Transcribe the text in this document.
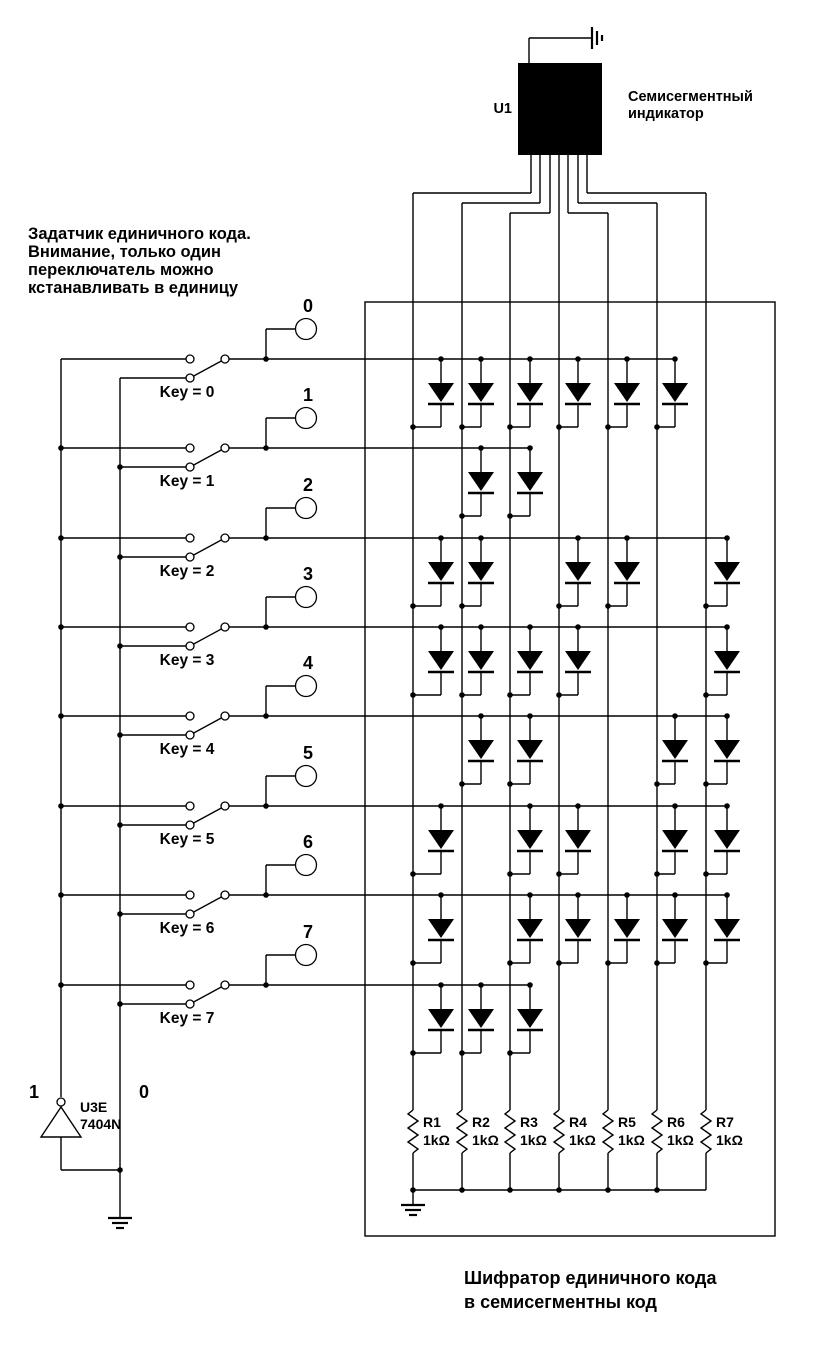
U1
Семисегментный
индикатор
R1
1kΩ
R2
1kΩ
R3
1kΩ
R4
1kΩ
R5
1kΩ
R6
1kΩ
R7
1kΩ
1	0
U3E
7404N
0
Key = 0	1
Key = 1	2
Key = 2	3
Key = 3	4
Key = 4	5
Key = 5	6
Key = 6	7
Key = 7
Задатчик единичного кода.
Внимание, только один
переключатель можно
кстанавливать в единицу
Шифратор единичного кода
в семисегментны код
